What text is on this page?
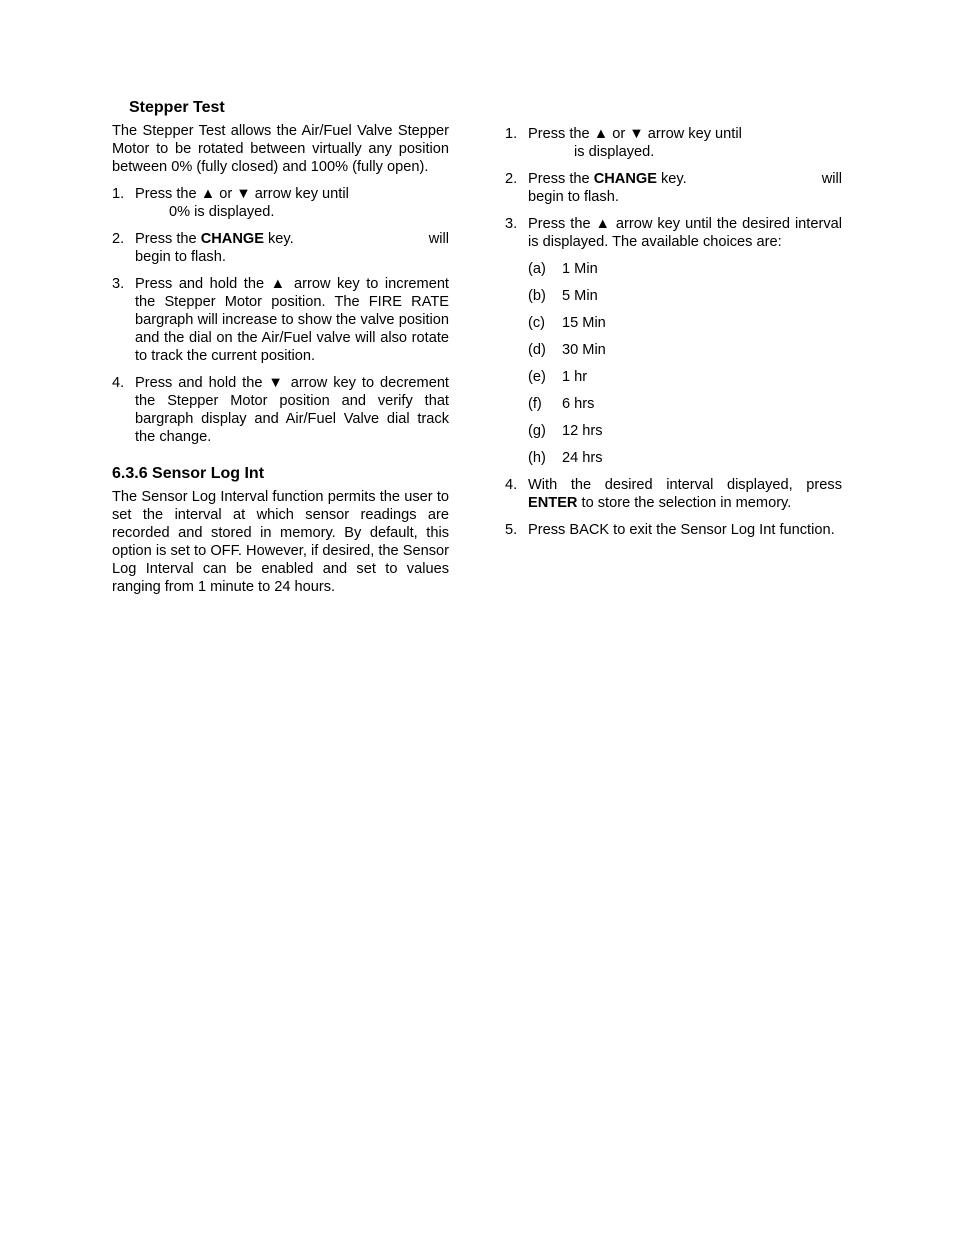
Stepper Test

The Stepper Test allows the Air/Fuel Valve Stepper Motor to be rotated between virtually any position between 0% (fully closed) and 100% (fully open).

1. Press the ▲ or ▼ arrow key until
0% is displayed.
2. Press the CHANGE key.	will
begin to flash.
3. Press and hold the ▲ arrow key to increment the Stepper Motor position. The FIRE RATE bargraph will increase to show the valve position and the dial on the Air/Fuel valve will also rotate to track the current position.
4. Press and hold the ▼ arrow key to decrement the Stepper Motor position and verify that bargraph display and Air/Fuel Valve dial track the change.

6.3.6 Sensor Log Int

The Sensor Log Interval function permits the user to set the interval at which sensor readings are recorded and stored in memory. By default, this option is set to OFF. However, if desired, the Sensor Log Interval can be enabled and set to values ranging from 1 minute to 24 hours.

1. Press the ▲ or ▼ arrow key until
is displayed.
2. Press the CHANGE key.	will
begin to flash.
3. Press the ▲ arrow key until the desired interval is displayed. The available choices are:
(a) 1 Min
(b) 5 Min
(c) 15 Min
(d) 30 Min
(e) 1 hr
(f) 6 hrs
(g) 12 hrs
(h) 24 hrs
4. With the desired interval displayed, press ENTER to store the selection in memory.
5. Press BACK to exit the Sensor Log Int function.
